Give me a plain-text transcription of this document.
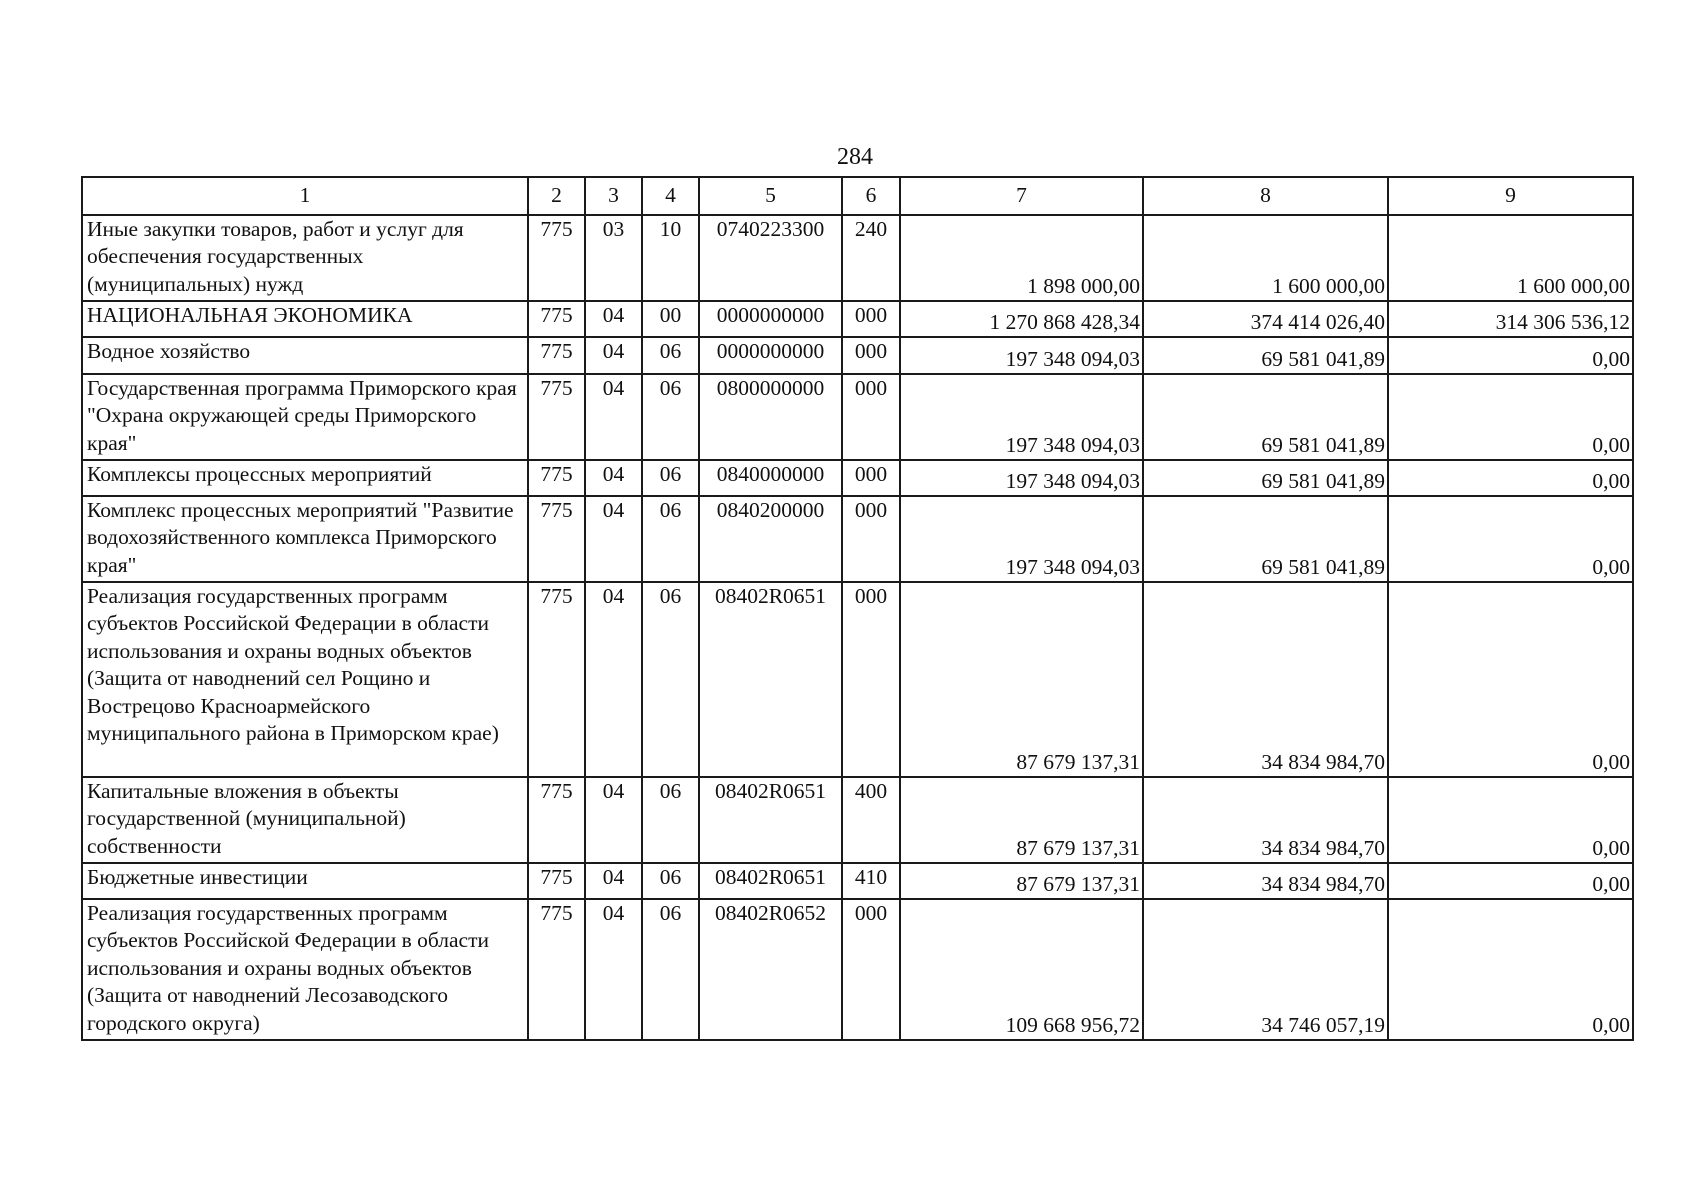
284
1	2	3	4	5	6	7	8	9
Иные закупки товаров, работ и услуг для обеспечения государственных (муниципальных) нужд	775	03	10	0740223300	240	1 898 000,00	1 600 000,00	1 600 000,00
НАЦИОНАЛЬНАЯ ЭКОНОМИКА	775	04	00	0000000000	000	1 270 868 428,34	374 414 026,40	314 306 536,12
Водное хозяйство	775	04	06	0000000000	000	197 348 094,03	69 581 041,89	0,00
Государственная программа Приморского края "Охрана окружающей среды Приморского края"	775	04	06	0800000000	000	197 348 094,03	69 581 041,89	0,00
Комплексы процессных мероприятий	775	04	06	0840000000	000	197 348 094,03	69 581 041,89	0,00
Комплекс процессных мероприятий "Развитие водохозяйственного комплекса Приморского края"	775	04	06	0840200000	000	197 348 094,03	69 581 041,89	0,00
Реализация государственных программ субъектов Российской Федерации в области использования и охраны водных объектов (Защита от наводнений сел Рощино и Вострецово Красноармейского муниципального района в Приморском крае)	775	04	06	08402R0651	000	87 679 137,31	34 834 984,70	0,00
Капитальные вложения в объекты государственной (муниципальной) собственности	775	04	06	08402R0651	400	87 679 137,31	34 834 984,70	0,00
Бюджетные инвестиции	775	04	06	08402R0651	410	87 679 137,31	34 834 984,70	0,00
Реализация государственных программ субъектов Российской Федерации в области использования и охраны водных объектов (Защита от наводнений Лесозаводского городского округа)	775	04	06	08402R0652	000	109 668 956,72	34 746 057,19	0,00
